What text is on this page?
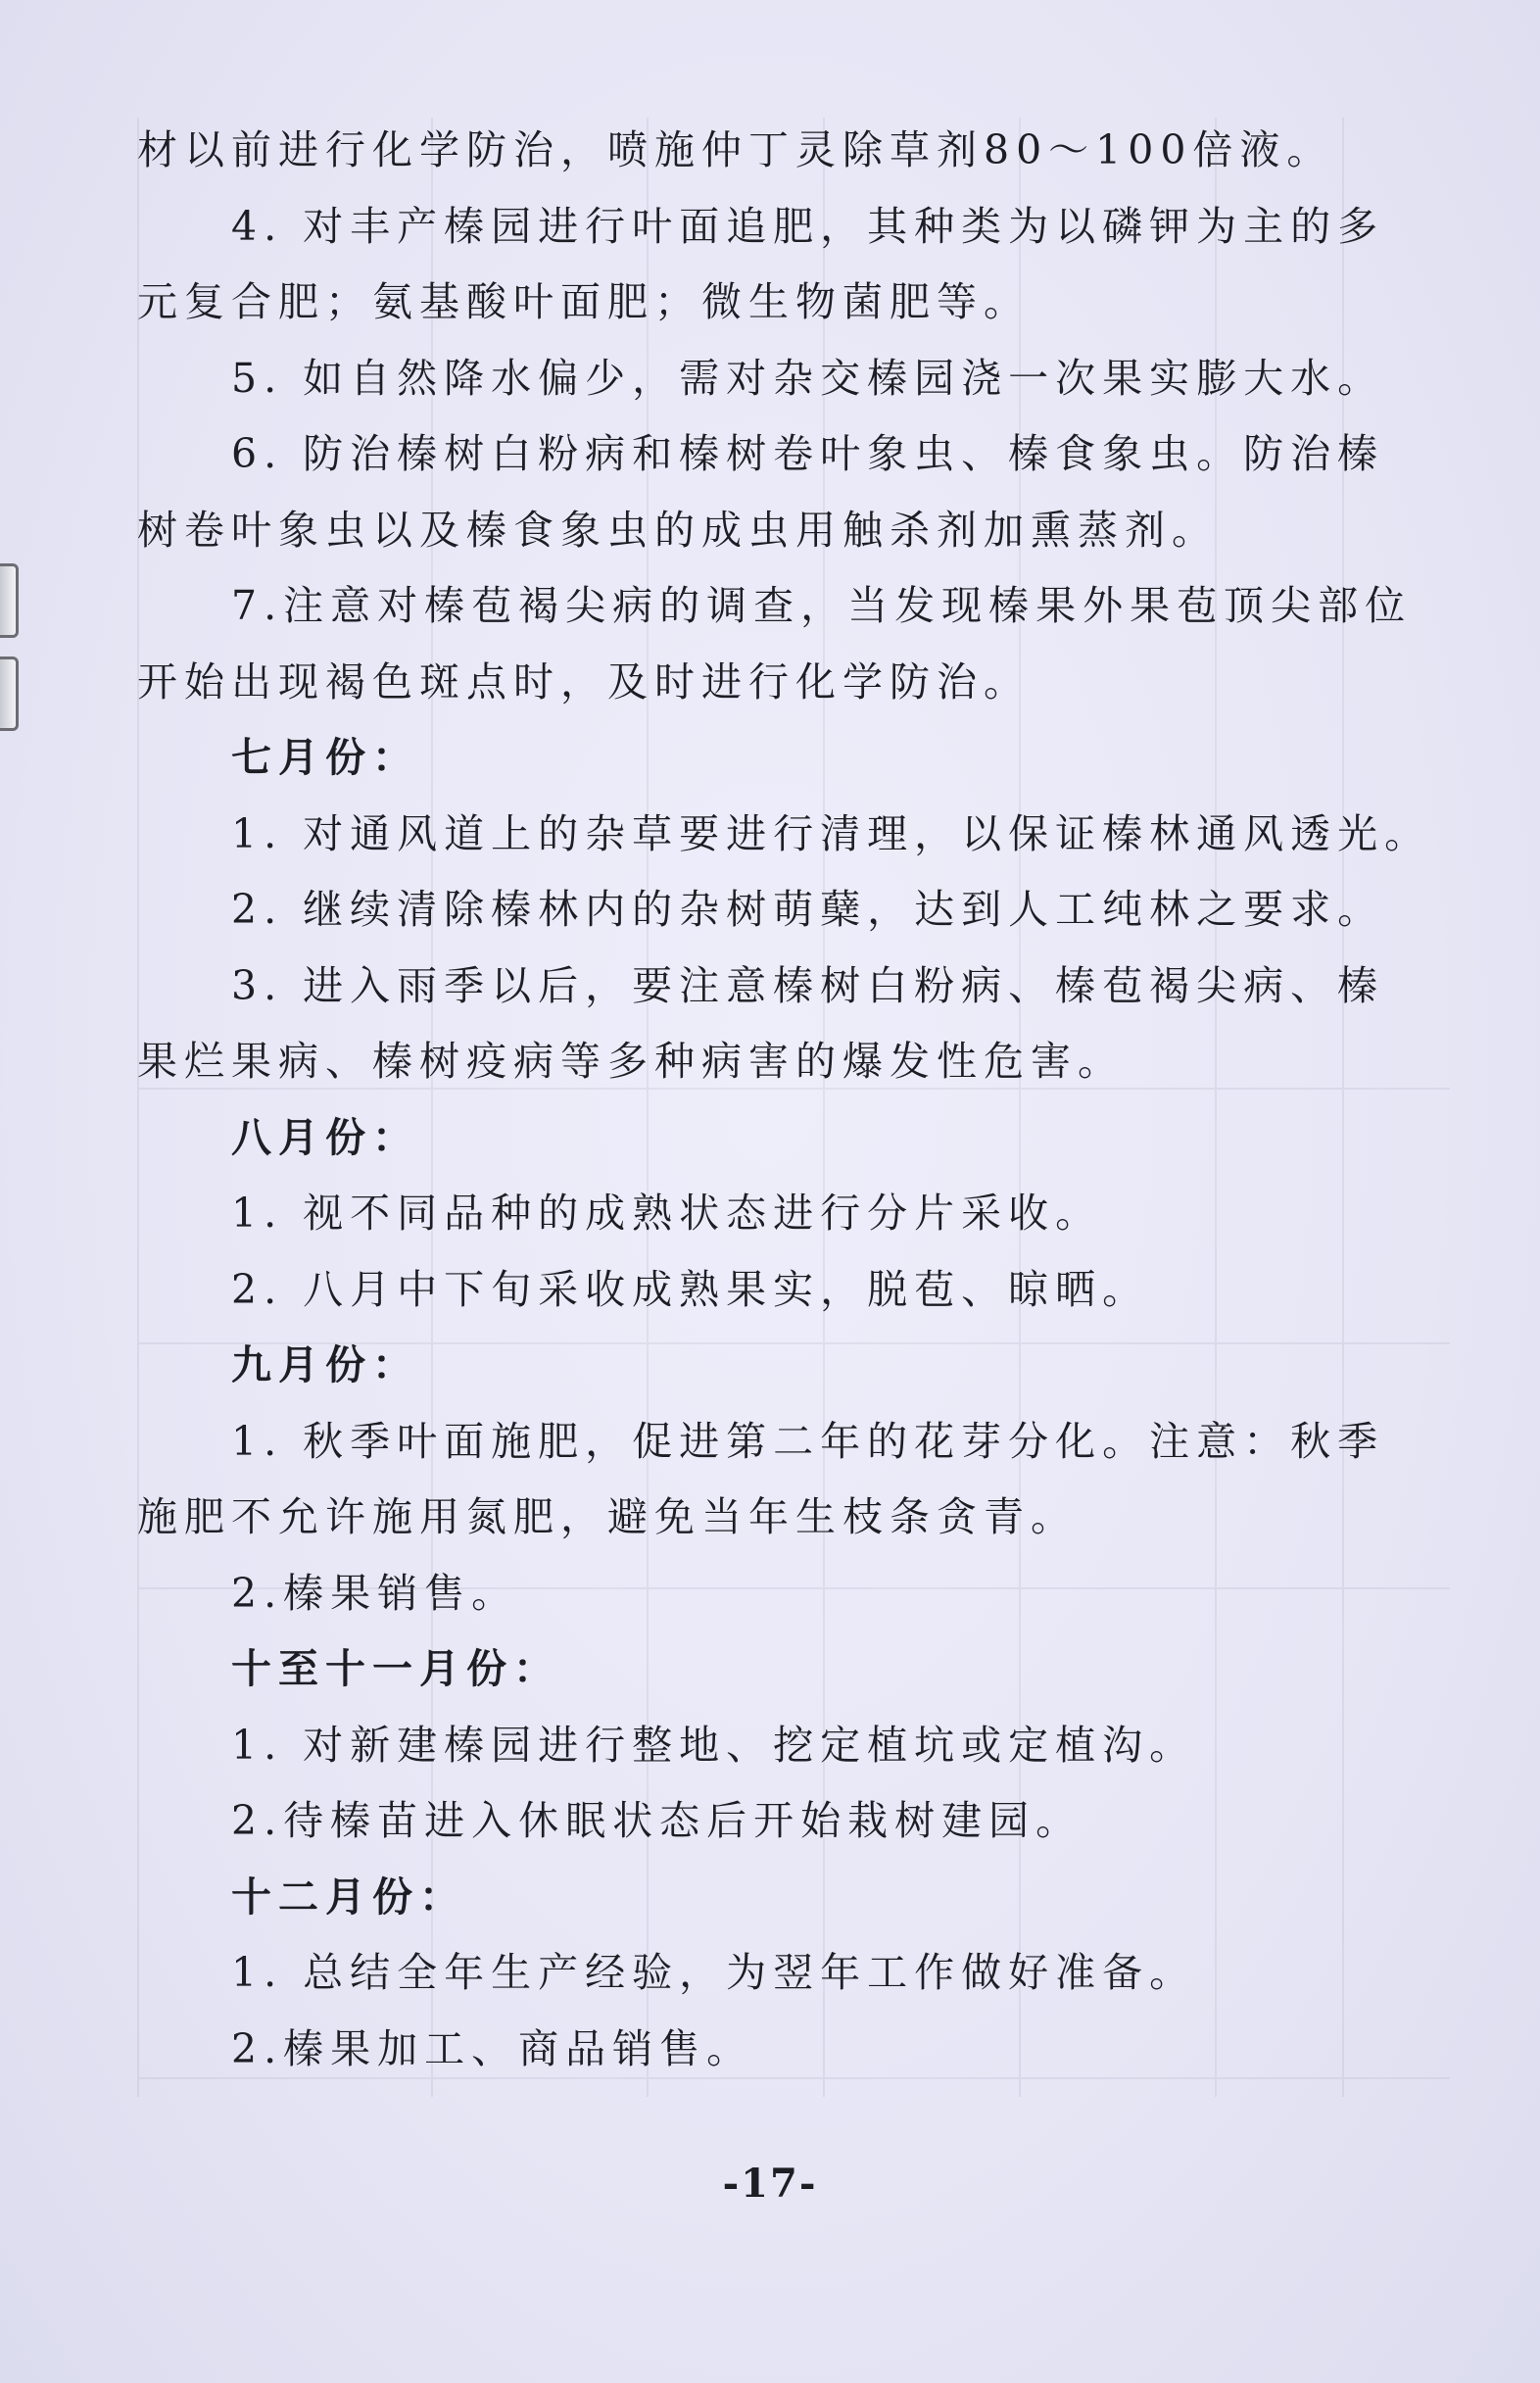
材以前进行化学防治，喷施仲丁灵除草剂80～100倍液。
4. 对丰产榛园进行叶面追肥，其种类为以磷钾为主的多
元复合肥；氨基酸叶面肥；微生物菌肥等。
5. 如自然降水偏少，需对杂交榛园浇一次果实膨大水。
6. 防治榛树白粉病和榛树卷叶象虫、榛食象虫。防治榛
树卷叶象虫以及榛食象虫的成虫用触杀剂加熏蒸剂。
7.注意对榛苞褐尖病的调查，当发现榛果外果苞顶尖部位
开始出现褐色斑点时，及时进行化学防治。
七月份：
1. 对通风道上的杂草要进行清理，以保证榛林通风透光。
2. 继续清除榛林内的杂树萌蘖，达到人工纯林之要求。
3. 进入雨季以后，要注意榛树白粉病、榛苞褐尖病、榛
果烂果病、榛树疫病等多种病害的爆发性危害。
八月份：
1. 视不同品种的成熟状态进行分片采收。
2. 八月中下旬采收成熟果实，脱苞、晾晒。
九月份：
1. 秋季叶面施肥，促进第二年的花芽分化。注意：秋季
施肥不允许施用氮肥，避免当年生枝条贪青。
2.榛果销售。
十至十一月份：
1. 对新建榛园进行整地、挖定植坑或定植沟。
2.待榛苗进入休眠状态后开始栽树建园。
十二月份：
1. 总结全年生产经验，为翌年工作做好准备。
2.榛果加工、商品销售。
-17-
